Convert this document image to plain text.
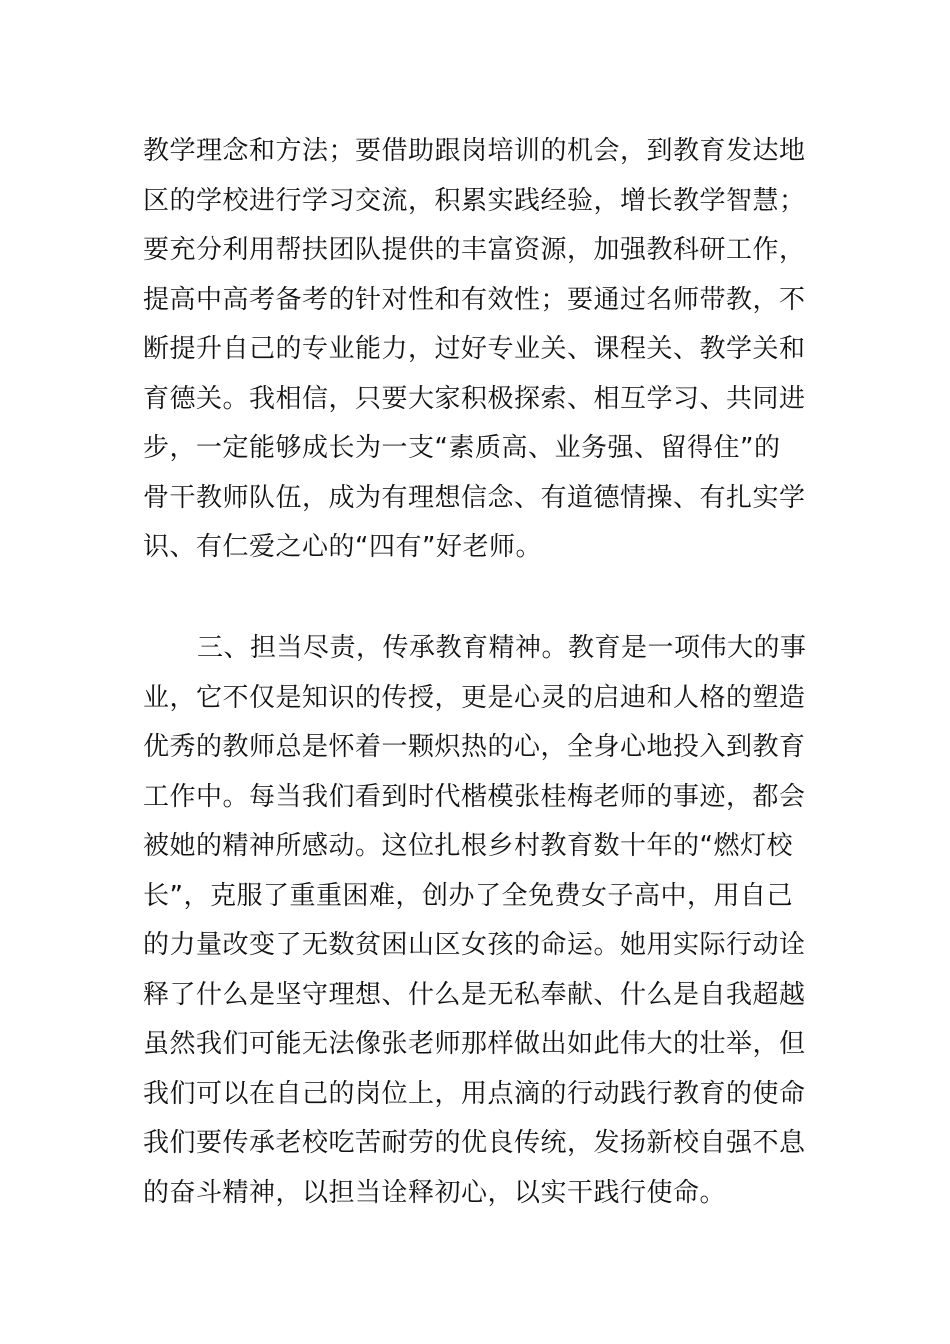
教学理念和方法；要借助跟岗培训的机会，到教育发达地
区的学校进行学习交流，积累实践经验，增长教学智慧；
要充分利用帮扶团队提供的丰富资源，加强教科研工作，
提高中高考备考的针对性和有效性；要通过名师带教，不
断提升自己的专业能力，过好专业关、课程关、教学关和
育德关。我相信，只要大家积极探索、相互学习、共同进
步，一定能够成长为一支“素质高、业务强、留得住”的
骨干教师队伍，成为有理想信念、有道德情操、有扎实学
识、有仁爱之心的“四有”好老师。
三、担当尽责，传承教育精神。教育是一项伟大的事
业，它不仅是知识的传授，更是心灵的启迪和人格的塑造
优秀的教师总是怀着一颗炽热的心，全身心地投入到教育
工作中。每当我们看到时代楷模张桂梅老师的事迹，都会
被她的精神所感动。这位扎根乡村教育数十年的“燃灯校
长”，克服了重重困难，创办了全免费女子高中，用自己
的力量改变了无数贫困山区女孩的命运。她用实际行动诠
释了什么是坚守理想、什么是无私奉献、什么是自我超越
虽然我们可能无法像张老师那样做出如此伟大的壮举，但
我们可以在自己的岗位上，用点滴的行动践行教育的使命
我们要传承老校吃苦耐劳的优良传统，发扬新校自强不息
的奋斗精神，以担当诠释初心，以实干践行使命。
